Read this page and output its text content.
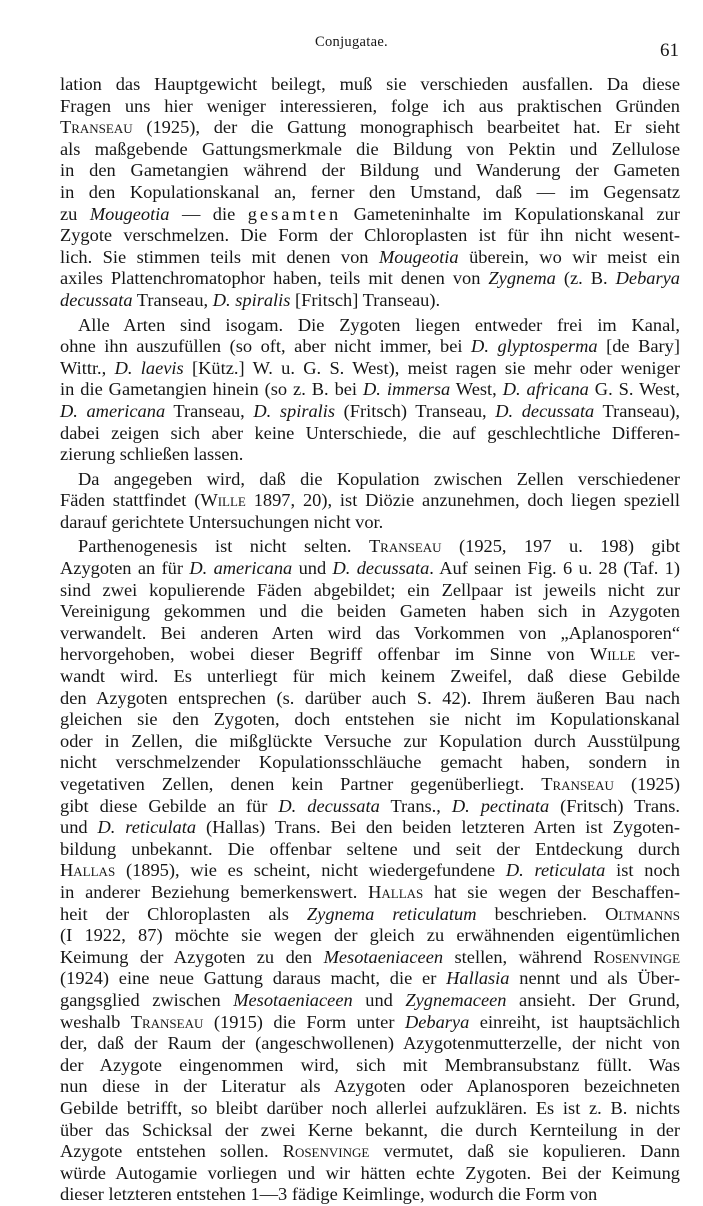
Conjugatae.	61
lation das Hauptgewicht beilegt, muß sie verschieden ausfallen. Da diese
Fragen uns hier weniger interessieren, folge ich aus praktischen Gründen
Transeau (1925), der die Gattung monographisch bearbeitet hat. Er sieht
als maßgebende Gattungsmerkmale die Bildung von Pektin und Zellulose
in den Gametangien während der Bildung und Wanderung der Gameten
in den Kopulationskanal an, ferner den Umstand, daß — im Gegensatz
zu Mougeotia — die gesamten Gameteninhalte im Kopulationskanal zur
Zygote verschmelzen. Die Form der Chloroplasten ist für ihn nicht wesent-
lich. Sie stimmen teils mit denen von Mougeotia überein, wo wir meist ein
axiles Plattenchromatophor haben, teils mit denen von Zygnema (z. B. Debarya
decussata Transeau, D. spiralis [Fritsch] Transeau).
Alle Arten sind isogam. Die Zygoten liegen entweder frei im Kanal,
ohne ihn auszufüllen (so oft, aber nicht immer, bei D. glyptosperma [de Bary]
Wittr., D. laevis [Kütz.] W. u. G. S. West), meist ragen sie mehr oder weniger
in die Gametangien hinein (so z. B. bei D. immersa West, D. africana G. S. West,
D. americana Transeau, D. spiralis (Fritsch) Transeau, D. decussata Transeau),
dabei zeigen sich aber keine Unterschiede, die auf geschlechtliche Differen-
zierung schließen lassen.
Da angegeben wird, daß die Kopulation zwischen Zellen verschiedener
Fäden stattfindet (Wille 1897, 20), ist Diözie anzunehmen, doch liegen speziell
darauf gerichtete Untersuchungen nicht vor.
Parthenogenesis ist nicht selten. Transeau (1925, 197 u. 198) gibt
Azygoten an für D. americana und D. decussata. Auf seinen Fig. 6 u. 28 (Taf. 1)
sind zwei kopulierende Fäden abgebildet; ein Zellpaar ist jeweils nicht zur
Vereinigung gekommen und die beiden Gameten haben sich in Azygoten
verwandelt. Bei anderen Arten wird das Vorkommen von „Aplanosporen“
hervorgehoben, wobei dieser Begriff offenbar im Sinne von Wille ver-
wandt wird. Es unterliegt für mich keinem Zweifel, daß diese Gebilde
den Azygoten entsprechen (s. darüber auch S. 42). Ihrem äußeren Bau nach
gleichen sie den Zygoten, doch entstehen sie nicht im Kopulationskanal
oder in Zellen, die mißglückte Versuche zur Kopulation durch Ausstülpung
nicht verschmelzender Kopulationsschläuche gemacht haben, sondern in
vegetativen Zellen, denen kein Partner gegenüberliegt. Transeau (1925)
gibt diese Gebilde an für D. decussata Trans., D. pectinata (Fritsch) Trans.
und D. reticulata (Hallas) Trans. Bei den beiden letzteren Arten ist Zygoten-
bildung unbekannt. Die offenbar seltene und seit der Entdeckung durch
Hallas (1895), wie es scheint, nicht wiedergefundene D. reticulata ist noch
in anderer Beziehung bemerkenswert. Hallas hat sie wegen der Beschaffen-
heit der Chloroplasten als Zygnema reticulatum beschrieben. Oltmanns
(I 1922, 87) möchte sie wegen der gleich zu erwähnenden eigentümlichen
Keimung der Azygoten zu den Mesotaeniaceen stellen, während Rosenvinge
(1924) eine neue Gattung daraus macht, die er Hallasia nennt und als Über-
gangsglied zwischen Mesotaeniaceen und Zygnemaceen ansieht. Der Grund,
weshalb Transeau (1915) die Form unter Debarya einreiht, ist hauptsächlich
der, daß der Raum der (angeschwollenen) Azygotenmutterzelle, der nicht von
der Azygote eingenommen wird, sich mit Membransubstanz füllt. Was
nun diese in der Literatur als Azygoten oder Aplanosporen bezeichneten
Gebilde betrifft, so bleibt darüber noch allerlei aufzuklären. Es ist z. B. nichts
über das Schicksal der zwei Kerne bekannt, die durch Kernteilung in der
Azygote entstehen sollen. Rosenvinge vermutet, daß sie kopulieren. Dann
würde Autogamie vorliegen und wir hätten echte Zygoten. Bei der Keimung
dieser letzteren entstehen 1—3 fädige Keimlinge, wodurch die Form von
